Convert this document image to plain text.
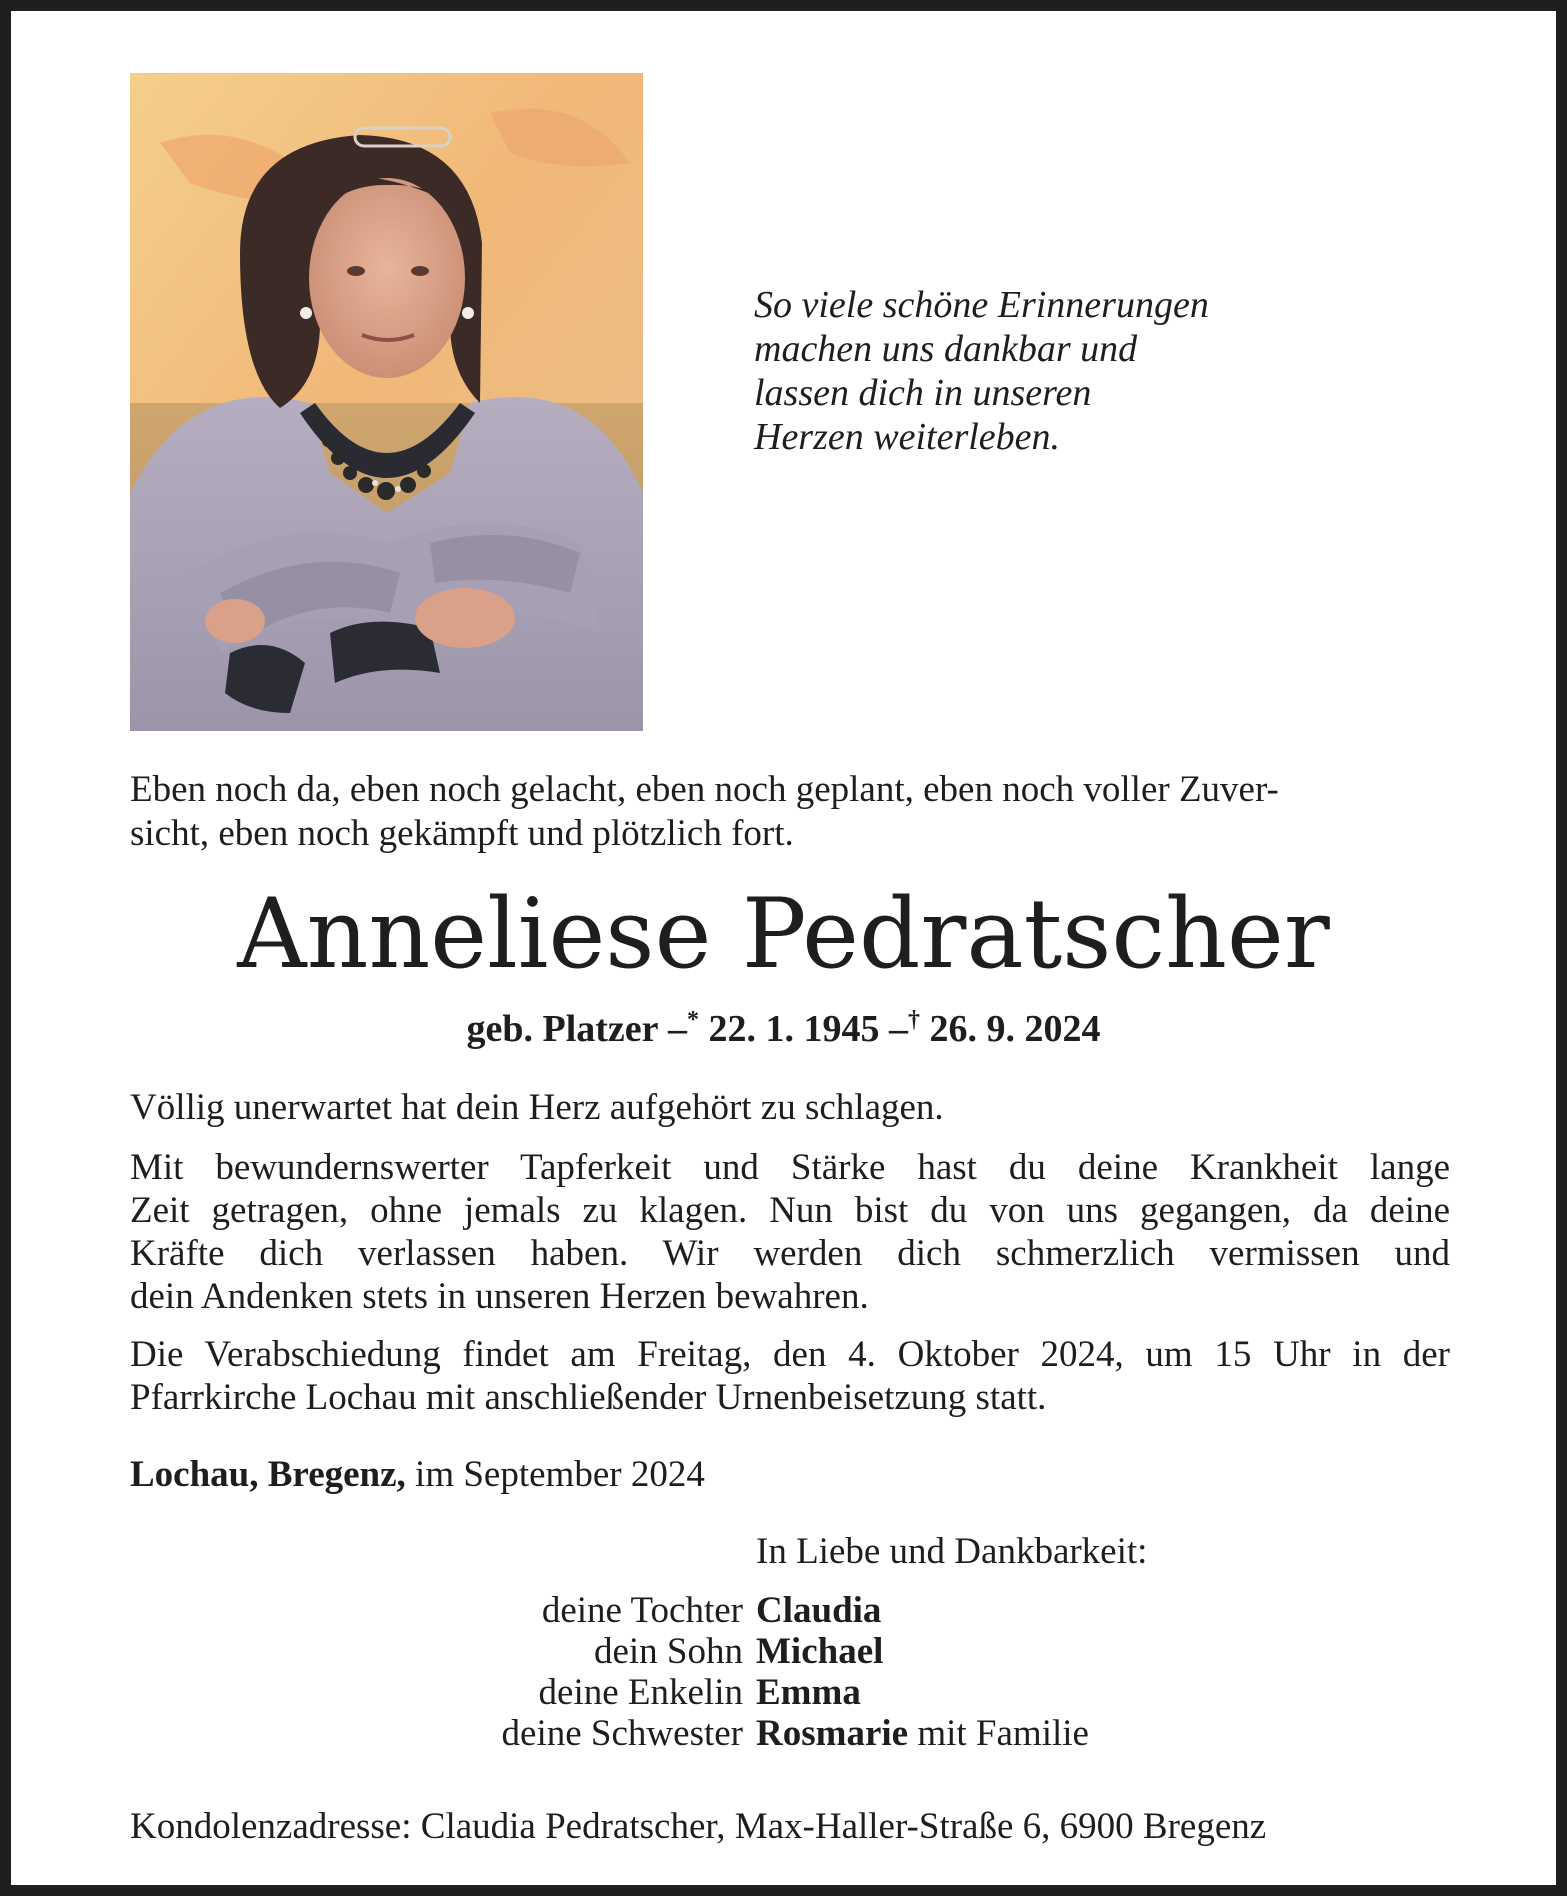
So viele schöne Erinnerungen
machen uns dankbar und
lassen dich in unseren
Herzen weiterleben.
Eben noch da, eben noch gelacht, eben noch geplant, eben noch voller Zuver-
sicht, eben noch gekämpft und plötzlich fort.
Anneliese Pedratscher
geb. Platzer –* 22. 1. 1945 –† 26. 9. 2024

Völlig unerwartet hat dein Herz aufgehört zu schlagen.

Mit bewundernswerter Tapferkeit und Stärke hast du deine Krankheit lange
Zeit getragen, ohne jemals zu klagen. Nun bist du von uns gegangen, da deine
Kräfte dich verlassen haben. Wir werden dich schmerzlich vermissen und
dein Andenken stets in unseren Herzen bewahren.
Die Verabschiedung findet am Freitag, den 4. Oktober 2024, um 15 Uhr in der
Pfarrkirche Lochau mit anschließender Urnenbeisetzung statt.
Lochau, Bregenz, im September 2024
In Liebe und Dankbarkeit:
deine Tochter Claudia
dein Sohn Michael
deine Enkelin Emma
deine Schwester Rosmarie mit Familie
Kondolenzadresse: Claudia Pedratscher, Max-Haller-Straße 6, 6900 Bregenz
